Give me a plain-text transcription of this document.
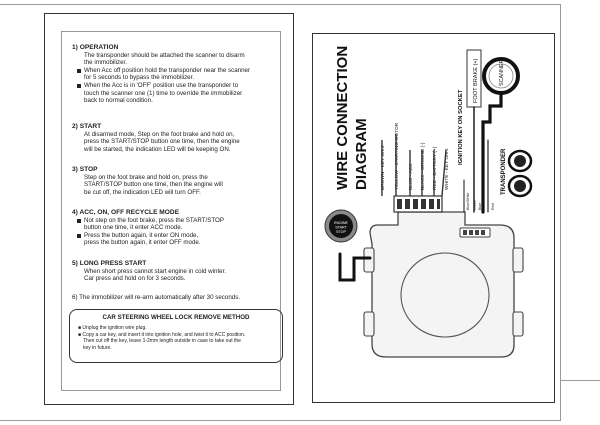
1) OPERATION
The transponder should be attached the scanner to disarm
the immobilizer.
When Acc off position hold the transponder near the scanner
for 5 seconds to bypass the immobilizer.
When the Acc is in 'OFF' position use the transponder to
touch the scanner one (1) time to override the immobilizer
back to normal condition.
2) START
At disarmed mode, Step on the foot brake and hold on,
press the START/STOP button one time, then the engine
will be started, the indication LED will be keeping ON.
3) STOP
Step on the foot brake and hold on, press the
START/STOP button one time, then the engine will
be cut off, the indication LED will turn OFF.
4) ACC, ON, OFF RECYCLE MODE
Not step on the foot brake, press the START/STOP
button one time, it enter ACC mode.
Press the button again, it enter ON mode,
press the button again, it enter OFF mode.
5) LONG PRESS START
When short press cannot start engine in cold winter.
Car press and hold on for 3 seconds.
6) The immobilizer will re-arm automatically after 30 seconds.
CAR STEERING WHEEL LOCK REMOVE METHOD
■ Unplug the ignition wire plug.
■ Copy a car key, and insert it into ignition hole, and twist it to ACC position.
Then cut off the key, leave 1-2mm length outside in case to take out the
key in future.
WIRE CONNECTION DIAGRAM BROWN - KEY ON 2 YELLOW - STARTING MOTOR BLUE - ACC BLACK - GROUND (-) RED - BATTERY (+) WHITE - KEY ON 1
IGNITION KEY ON SOCKET
FOOT BRAKE (+)	SCANNER
TRANSPONDER
Blue/White Green Blue	Red
ENGINE
START
STOP
